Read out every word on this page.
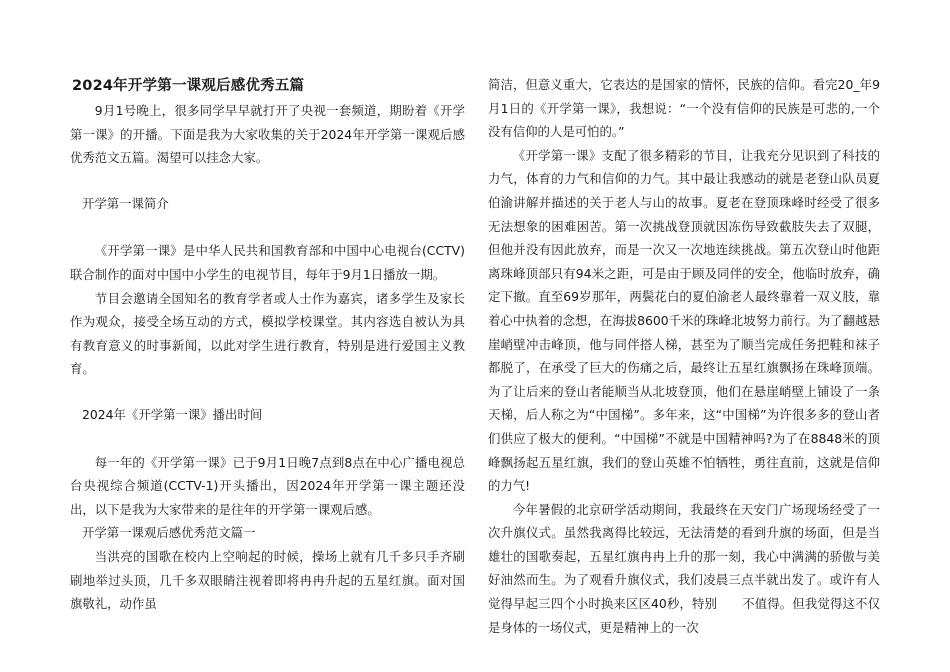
2024年开学第一课观后感优秀五篇

9月1号晚上，很多同学早早就打开了央视一套频道，期盼着《开学第一课》的开播。下面是我为大家收集的关于2024年开学第一课观后感优秀范文五篇。渴望可以挂念大家。

开学第一课简介

《开学第一课》是中华人民共和国教育部和中国中心电视台(CCTV)联合制作的面对中国中小学生的电视节目，每年于9月1日播放一期。

节目会邀请全国知名的教育学者或人士作为嘉宾，诸多学生及家长作为观众，接受全场互动的方式，模拟学校课堂。其内容选自被认为具有教育意义的时事新闻，以此对学生进行教育，特别是进行爱国主义教育。

2024年《开学第一课》播出时间

每一年的《开学第一课》已于9月1日晚7点到8点在中心广播电视总台央视综合频道(CCTV-1)开头播出，因2024年开学第一课主题还没出，以下是我为大家带来的是往年的开学第一课观后感。

开学第一课观后感优秀范文篇一

当洪亮的国歌在校内上空响起的时候，操场上就有几千多只手齐刷刷地举过头顶，几千多双眼睛注视着即将冉冉升起的五星红旗。面对国旗敬礼，动作虽

简洁，但意义重大，它表达的是国家的情怀，民族的信仰。看完20_年9月1日的《开学第一课》，我想说：“一个没有信仰的民族是可悲的,一个没有信仰的人是可怕的。”

《开学第一课》支配了很多精彩的节目，让我充分见识到了科技的力气，体育的力气和信仰的力气。其中最让我感动的就是老登山队员夏伯渝讲解并描述的关于老人与山的故事。夏老在登顶珠峰时经受了很多无法想象的困难困苦。第一次挑战登顶就因冻伤导致截肢失去了双腿，但他并没有因此放弃，而是一次又一次地连续挑战。第五次登山时他距离珠峰顶部只有94米之距，可是由于顾及同伴的安全，他临时放弃，确定下撤。直至69岁那年，两鬓花白的夏伯渝老人最终靠着一双义肢，靠着心中执着的念想，在海拔8600千米的珠峰北坡努力前行。为了翻越悬崖峭壁冲击峰顶，他与同伴搭人梯，甚至为了顺当完成任务把鞋和袜子都脱了，在承受了巨大的伤痛之后，最终让五星红旗飘扬在珠峰顶端。为了让后来的登山者能顺当从北坡登顶，他们在悬崖峭壁上铺设了一条天梯，后人称之为“中国梯”。多年来，这“中国梯”为许很多多的登山者们供应了极大的便利。“中国梯”不就是中国精神吗?为了在8848米的顶峰飘扬起五星红旗，我们的登山英雄不怕牺牲，勇往直前，这就是信仰的力气!

今年暑假的北京研学活动期间，我最终在天安门广场现场经受了一次升旗仪式。虽然我离得比较远，无法清楚的看到升旗的场面，但是当雄壮的国歌奏起，五星红旗冉冉上升的那一刻，我心中满满的骄傲与美好油然而生。为了观看升旗仪式，我们凌晨三点半就出发了。或许有人觉得早起三四个小时换来区区40秒，特别　　不值得。但我觉得这不仅是身体的一场仪式，更是精神上的一次
